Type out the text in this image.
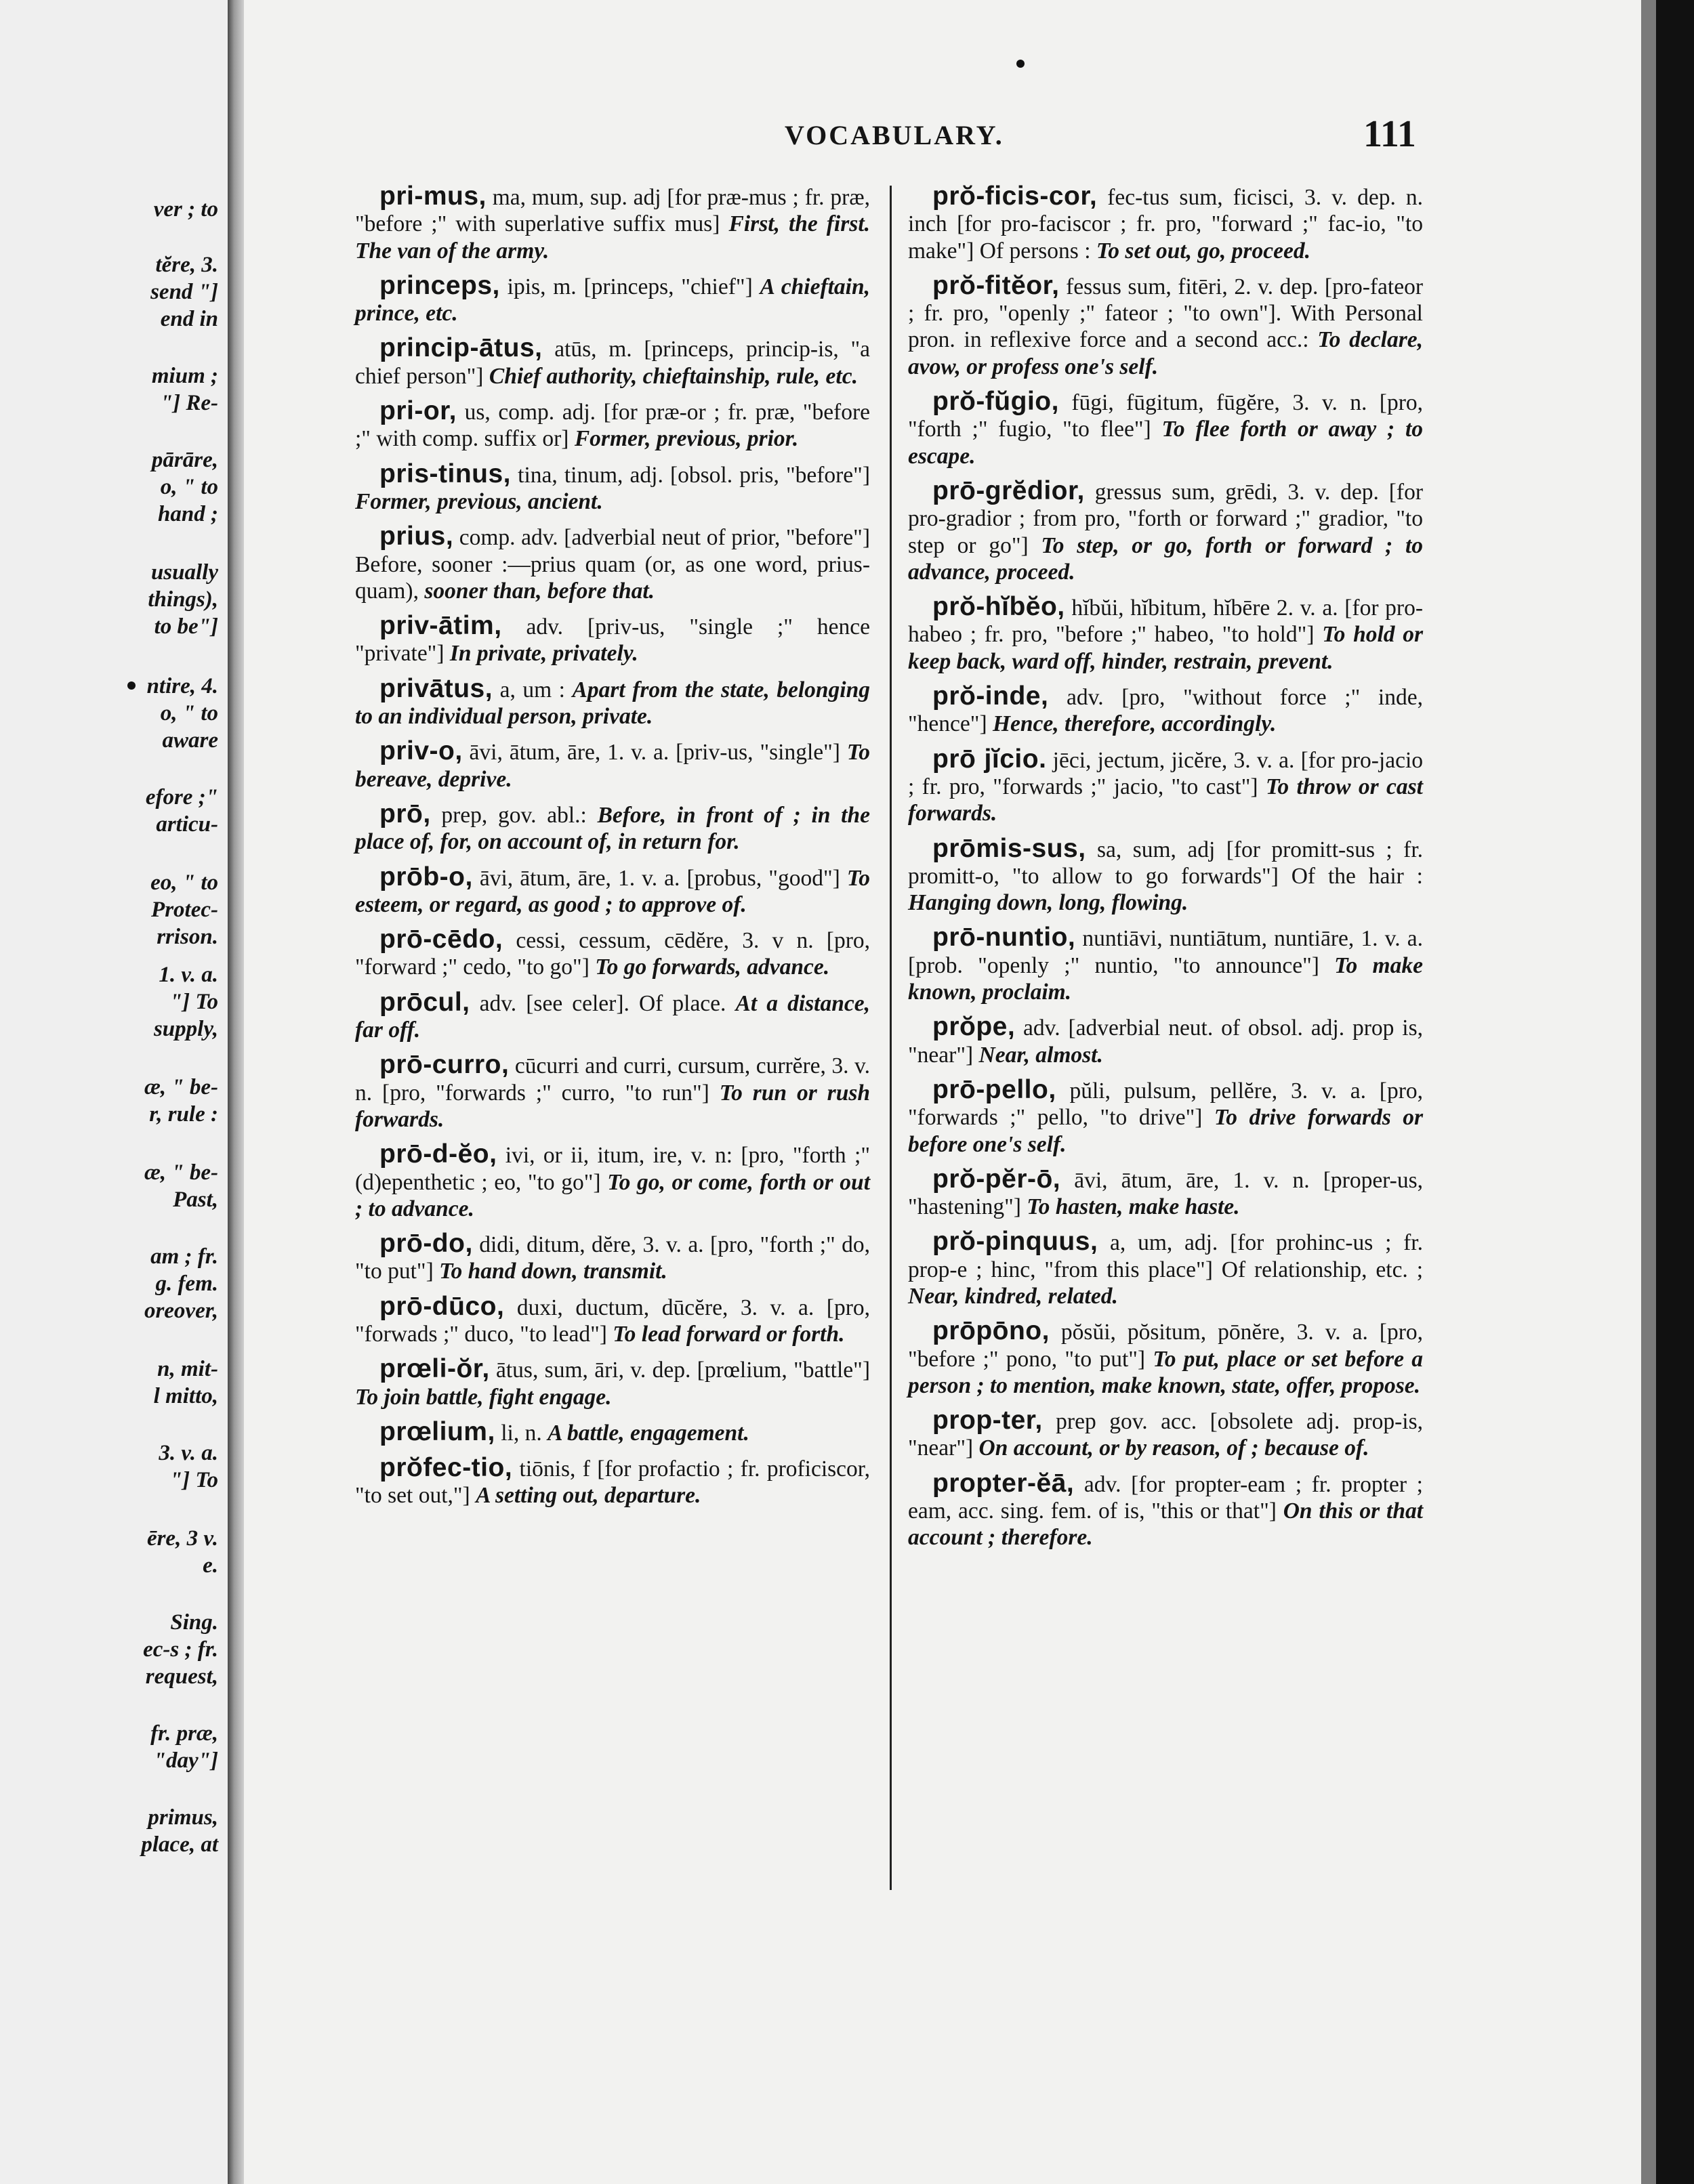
ver ; to
tĕre, 3.
send "]
end in
mium ;
"] Re-
pārāre,
o, " to
hand ;
usually
things),
to be"]
ntire, 4.
o, " to
aware
efore ;"
articu-
eo, " to
Protec-
rrison.
1. v. a.
"] To
supply,
æ, " be-
r, rule :
æ, " be-
Past,
am ; fr.
g. fem.
oreover,
n, mit-
l mitto,
3. v. a.
"] To
ēre, 3 v.
e.
Sing.
ec-s ; fr.
request,
fr. præ,
"day"]
primus,
place, at
VOCABULARY.	111

pri-mus, ma, mum, sup. adj [for præ-mus ; fr. præ, "before ;" with superlative suffix mus] First, the first. The van of the army.

princeps, ipis, m. [princeps, "chief"] A chieftain, prince, etc.

princip-ātus, atūs, m. [princeps, princip-is, "a chief person"] Chief authority, chieftainship, rule, etc.

pri-or, us, comp. adj. [for præ-or ; fr. præ, "before ;" with comp. suffix or] Former, previous, prior.

pris-tinus, tina, tinum, adj. [obsol. pris, "before"] Former, previous, ancient.

prius, comp. adv. [adverbial neut of prior, "before"] Before, sooner :—prius quam (or, as one word, prius-quam), sooner than, before that.

priv-ātim, adv. [priv-us, "single ;" hence "private"] In private, privately.

privātus, a, um : Apart from the state, belonging to an individual person, private.

priv-o, āvi, ātum, āre, 1. v. a. [priv-us, "single"] To bereave, deprive.

prō, prep, gov. abl.: Before, in front of ; in the place of, for, on account of, in return for.

prōb-o, āvi, ātum, āre, 1. v. a. [probus, "good"] To esteem, or regard, as good ; to approve of.

prō-cēdo, cessi, cessum, cēdĕre, 3. v n. [pro, "forward ;" cedo, "to go"] To go forwards, advance.

prōcul, adv. [see celer]. Of place. At a distance, far off.

prō-curro, cūcurri and curri, cursum, currĕre, 3. v. n. [pro, "forwards ;" curro, "to run"] To run or rush forwards.

prō-d-ĕo, ivi, or ii, itum, ire, v. n: [pro, "forth ;" (d)epenthetic ; eo, "to go"] To go, or come, forth or out ; to advance.

prō-do, didi, ditum, dĕre, 3. v. a. [pro, "forth ;" do, "to put"] To hand down, transmit.

prō-dūco, duxi, ductum, dūcĕre, 3. v. a. [pro, "forwads ;" duco, "to lead"] To lead forward or forth.

prœli-ŏr, ātus, sum, āri, v. dep. [prœlium, "battle"] To join battle, fight engage.

prœlium, li, n. A battle, engagement.

prŏfec-tio, tiōnis, f [for profactio ; fr. proficiscor, "to set out,"] A setting out, departure.

prŏ-ficis-cor, fec-tus sum, ficisci, 3. v. dep. n. inch [for pro-faciscor ; fr. pro, "forward ;" fac-io, "to make"] Of persons : To set out, go, proceed.

prŏ-fitĕor, fessus sum, fitēri, 2. v. dep. [pro-fateor ; fr. pro, "openly ;" fateor ; "to own"]. With Personal pron. in reflexive force and a second acc.: To declare, avow, or profess one's self.

prŏ-fŭgio, fūgi, fūgitum, fūgĕre, 3. v. n. [pro, "forth ;" fugio, "to flee"] To flee forth or away ; to escape.

prō-grĕdior, gressus sum, grēdi, 3. v. dep. [for pro-gradior ; from pro, "forth or forward ;" gradior, "to step or go"] To step, or go, forth or forward ; to advance, proceed.

prŏ-hĭbĕo, hĭbŭi, hĭbitum, hĭbēre 2. v. a. [for pro-habeo ; fr. pro, "before ;" habeo, "to hold"] To hold or keep back, ward off, hinder, restrain, prevent.

prŏ-inde, adv. [pro, "without force ;" inde, "hence"] Hence, therefore, accordingly.

prō jĭcio. jēci, jectum, jicĕre, 3. v. a. [for pro-jacio ; fr. pro, "forwards ;" jacio, "to cast"] To throw or cast forwards.

prōmis-sus, sa, sum, adj [for promitt-sus ; fr. promitt-o, "to allow to go forwards"] Of the hair : Hanging down, long, flowing.

prō-nuntio, nuntiāvi, nuntiātum, nuntiāre, 1. v. a. [prob. "openly ;" nuntio, "to announce"] To make known, proclaim.

prŏpe, adv. [adverbial neut. of obsol. adj. prop is, "near"] Near, almost.

prō-pello, pŭli, pulsum, pellĕre, 3. v. a. [pro, "forwards ;" pello, "to drive"] To drive forwards or before one's self.

prŏ-pĕr-ō, āvi, ātum, āre, 1. v. n. [proper-us, "hastening"] To hasten, make haste.

prŏ-pinquus, a, um, adj. [for prohinc-us ; fr. prop-e ; hinc, "from this place"] Of relationship, etc. ; Near, kindred, related.

prōpōno, pŏsŭi, pŏsitum, pōnĕre, 3. v. a. [pro, "before ;" pono, "to put"] To put, place or set before a person ; to mention, make known, state, offer, propose.

prop-ter, prep gov. acc. [obsolete adj. prop-is, "near"] On account, or by reason, of ; because of.

propter-ĕā, adv. [for propter-eam ; fr. propter ; eam, acc. sing. fem. of is, "this or that"] On this or that account ; therefore.
